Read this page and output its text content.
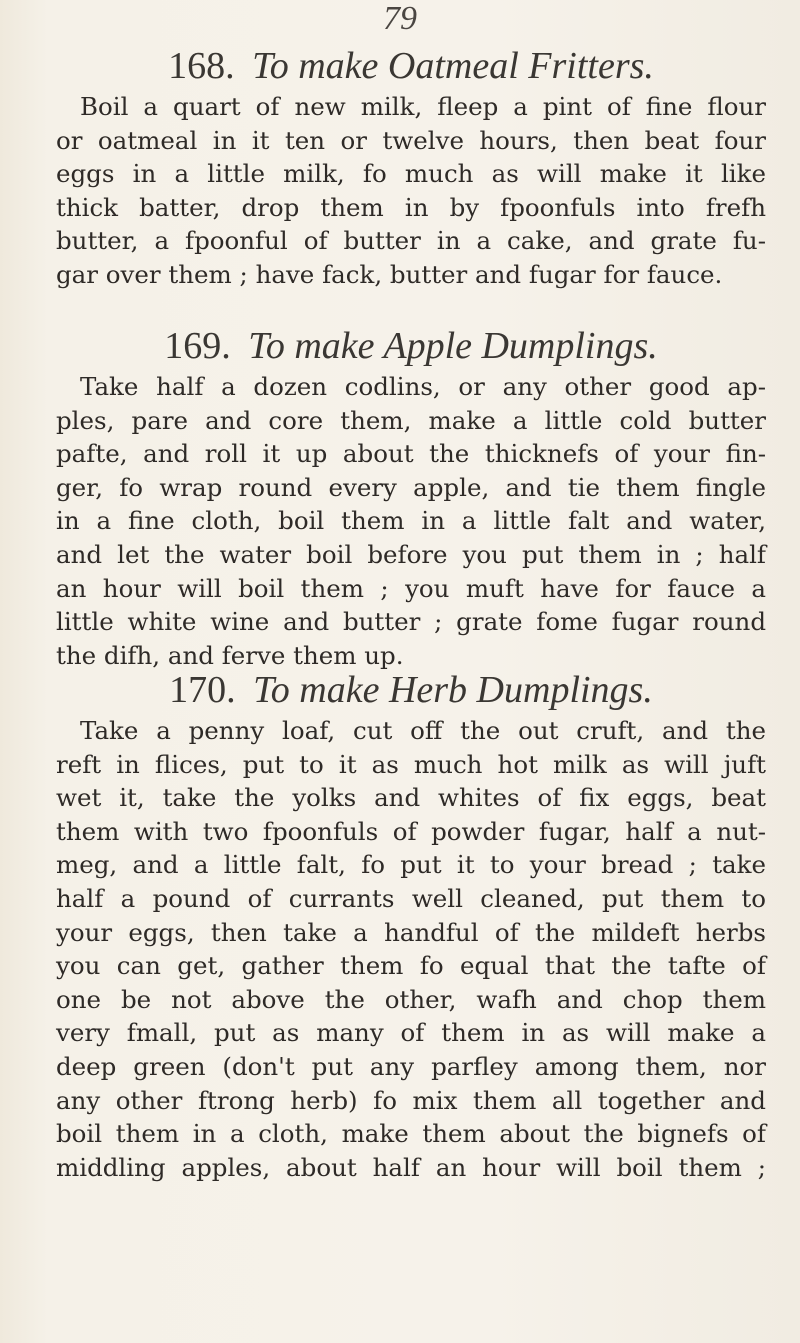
79
168. To make Oatmeal Fritters.
Boil a quart of new milk, fleep a pint of fine flour
or oatmeal in it ten or twelve hours, then beat four
eggs in a little milk, fo much as will make it like
thick batter, drop them in by fpoonfuls into frefh
butter, a fpoonful of butter in a cake, and grate fu-
gar over them ; have fack, butter and fugar for fauce.
169. To make Apple Dumplings.
Take half a dozen codlins, or any other good ap-
ples, pare and core them, make a little cold butter
pafte, and roll it up about the thicknefs of your fin-
ger, fo wrap round every apple, and tie them fingle
in a fine cloth, boil them in a little falt and water,
and let the water boil before you put them in ; half
an hour will boil them ; you muft have for fauce a
little white wine and butter ; grate fome fugar round
the difh, and ferve them up.
170. To make Herb Dumplings.
Take a penny loaf, cut off the out cruft, and the
reft in flices, put to it as much hot milk as will juft
wet it, take the yolks and whites of fix eggs, beat
them with two fpoonfuls of powder fugar, half a nut-
meg, and a little falt, fo put it to your bread ; take
half a pound of currants well cleaned, put them to
your eggs, then take a handful of the mildeft herbs
you can get, gather them fo equal that the tafte of
one be not above the other, wafh and chop them
very fmall, put as many of them in as will make a
deep green (don't put any parfley among them, nor
any other ftrong herb) fo mix them all together and
boil them in a cloth, make them about the bignefs of
middling apples, about half an hour will boil them ;
